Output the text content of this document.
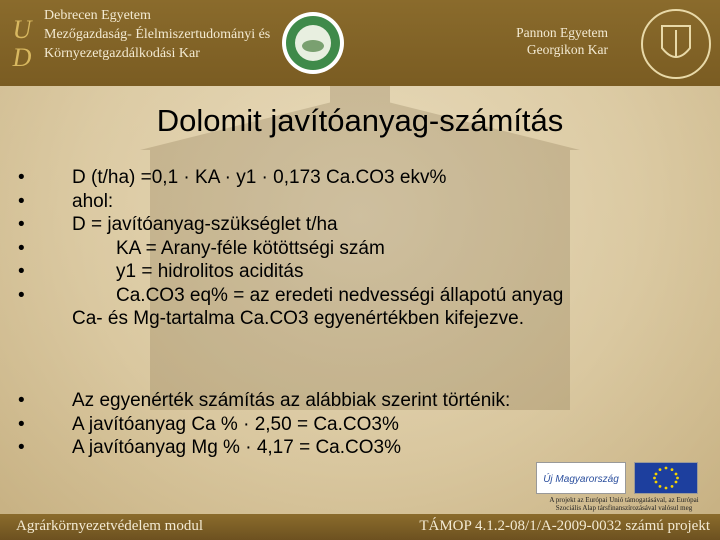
U
D
Debrecen Egyetem
Mezőgazdaság- Élelmiszertudományi és
Környezetgazdálkodási Kar
Pannon Egyetem
Georgikon Kar
Dolomit javítóanyag-számítás
• D (t/ha) =0,1 · KA · y1 · 0,173 Ca.CO3 ekv%
• ahol:
• D = javítóanyag-szükséglet t/ha
•	KA = Arany-féle kötöttségi szám
•	y1 = hidrolitos aciditás
•	Ca.CO3 eq% = az eredeti nedvességi állapotú anyag
Ca- és Mg-tartalma Ca.CO3 egyenértékben kifejezve.
• Az egyenérték számítás az alábbiak szerint történik:
• A javítóanyag Ca % · 2,50 = Ca.CO3%
• A javítóanyag Mg % · 4,17 = Ca.CO3%
Új Magyarország
A projekt az Európai Unió támogatásával, az Európai Szociális Alap társfinanszírozásával valósul meg
Agrárkörnyezetvédelem modul	TÁMOP 4.1.2-08/1/A-2009-0032 számú projekt
